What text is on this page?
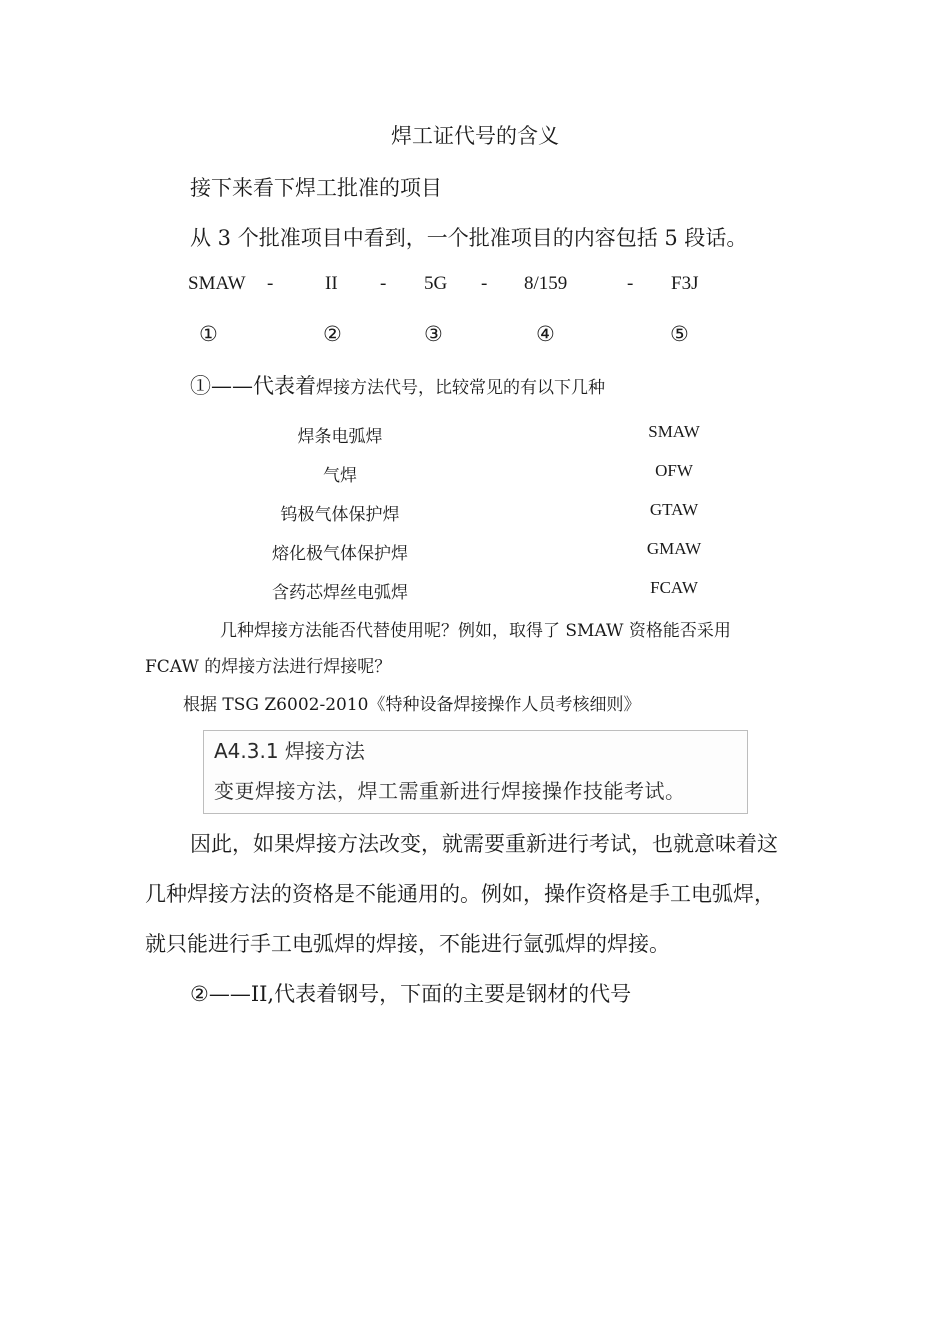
焊工证代号的含义
接下来看下焊工批准的项目
从 3 个批准项目中看到，一个批准项目的内容包括 5 段话。
SMAW -	II - 5G - 8/159	- F3J
①	②	③	④	⑤
①——代表着焊接方法代号，比较常见的有以下几种
焊条电弧焊	SMAW
气焊	OFW
钨极气体保护焊	GTAW
熔化极气体保护焊	GMAW
含药芯焊丝电弧焊	FCAW
几种焊接方法能否代替使用呢？例如，取得了 SMAW 资格能否采用
FCAW 的焊接方法进行焊接呢？
根据 TSG Z6002-2010《特种设备焊接操作人员考核细则》
A4.3.1 焊接方法
变更焊接方法，焊工需重新进行焊接操作技能考试。
因此，如果焊接方法改变，就需要重新进行考试，也就意味着这
几种焊接方法的资格是不能通用的。例如，操作资格是手工电弧焊，
就只能进行手工电弧焊的焊接，不能进行氩弧焊的焊接。
②——II,代表着钢号，下面的主要是钢材的代号
